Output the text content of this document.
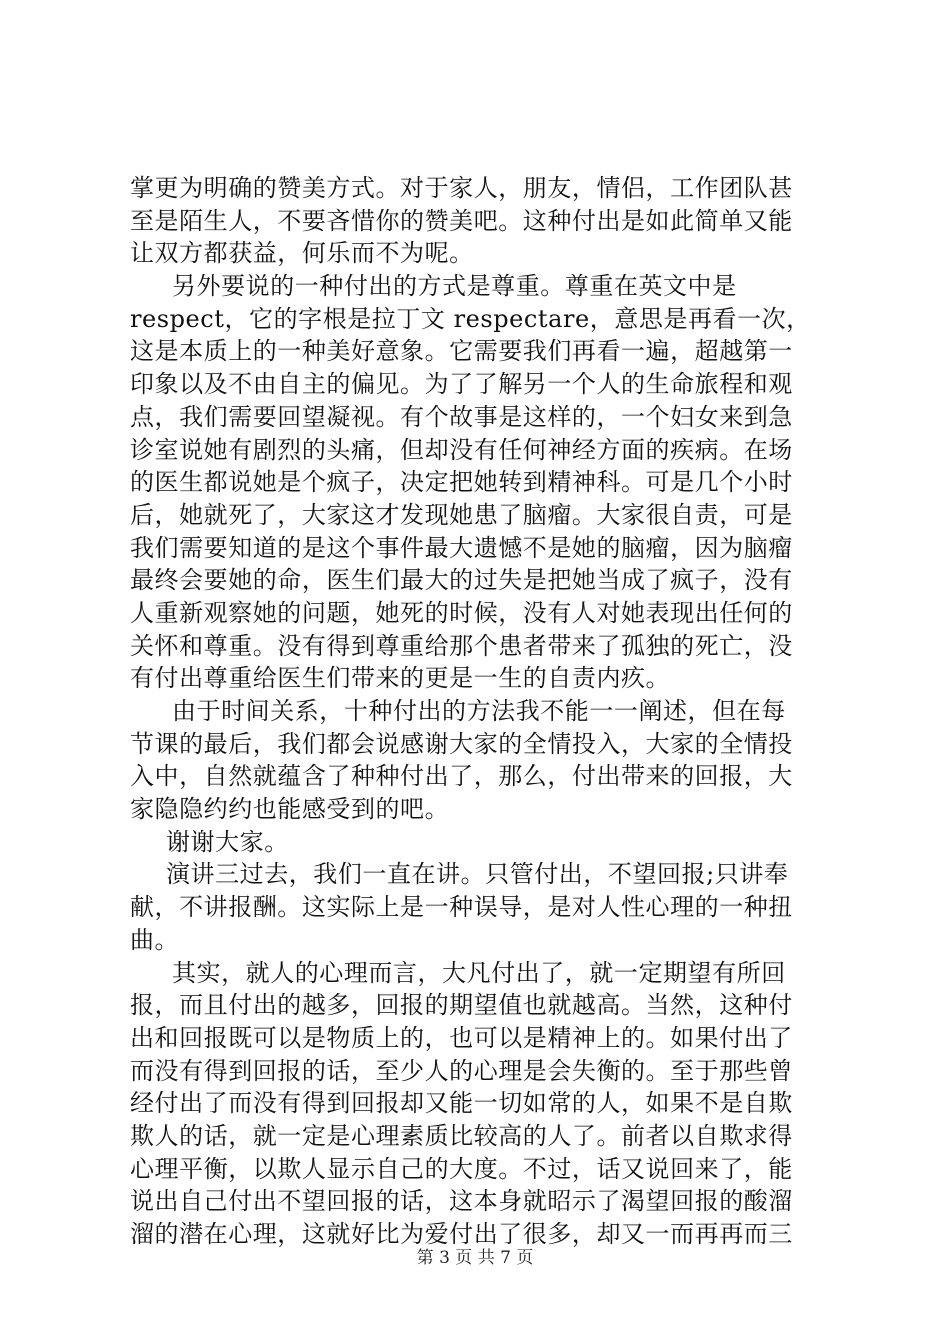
掌更为明确的赞美方式。对于家人，朋友，情侣，工作团队甚
至是陌生人，不要吝惜你的赞美吧。这种付出是如此简单又能
让双方都获益，何乐而不为呢。
另外要说的一种付出的方式是尊重。尊重在英文中是
respect，它的字根是拉丁文 respectare，意思是再看一次，
这是本质上的一种美好意象。它需要我们再看一遍，超越第一
印象以及不由自主的偏见。为了了解另一个人的生命旅程和观
点，我们需要回望凝视。有个故事是这样的，一个妇女来到急
诊室说她有剧烈的头痛，但却没有任何神经方面的疾病。在场
的医生都说她是个疯子，决定把她转到精神科。可是几个小时
后，她就死了，大家这才发现她患了脑瘤。大家很自责，可是
我们需要知道的是这个事件最大遗憾不是她的脑瘤，因为脑瘤
最终会要她的命，医生们最大的过失是把她当成了疯子，没有
人重新观察她的问题，她死的时候，没有人对她表现出任何的
关怀和尊重。没有得到尊重给那个患者带来了孤独的死亡，没
有付出尊重给医生们带来的更是一生的自责内疚。
由于时间关系，十种付出的方法我不能一一阐述，但在每
节课的最后，我们都会说感谢大家的全情投入，大家的全情投
入中，自然就蕴含了种种付出了，那么，付出带来的回报，大
家隐隐约约也能感受到的吧。
谢谢大家。
演讲三过去，我们一直在讲。只管付出，不望回报;只讲奉
献，不讲报酬。这实际上是一种误导，是对人性心理的一种扭
曲。
其实，就人的心理而言，大凡付出了，就一定期望有所回
报，而且付出的越多，回报的期望值也就越高。当然，这种付
出和回报既可以是物质上的，也可以是精神上的。如果付出了
而没有得到回报的话，至少人的心理是会失衡的。至于那些曾
经付出了而没有得到回报却又能一切如常的人，如果不是自欺
欺人的话，就一定是心理素质比较高的人了。前者以自欺求得
心理平衡，以欺人显示自己的大度。不过，话又说回来了，能
说出自己付出不望回报的话，这本身就昭示了渴望回报的酸溜
溜的潜在心理，这就好比为爱付出了很多，却又一而再再而三
第 3 页 共 7 页
